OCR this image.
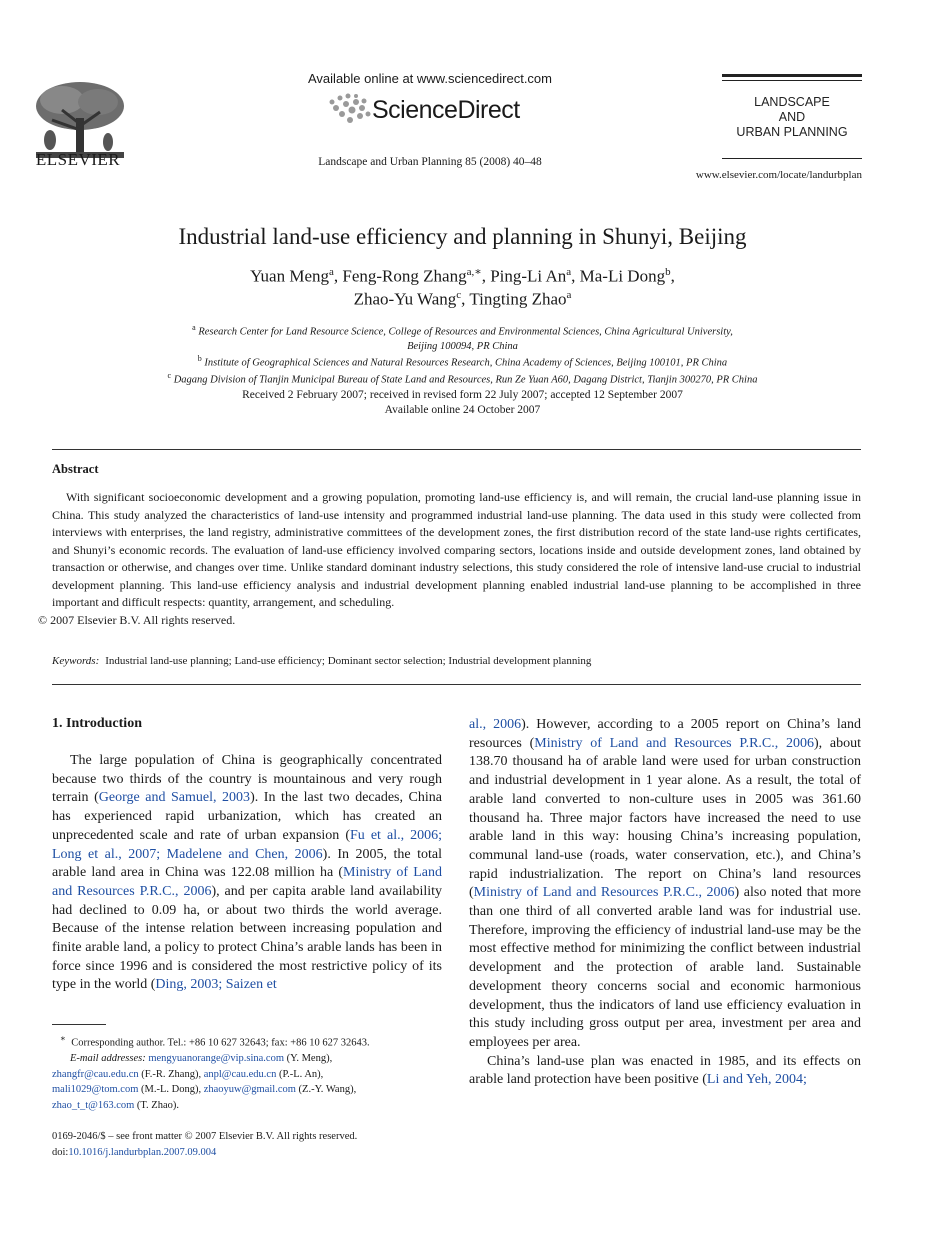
ELSEVIER
Available online at www.sciencedirect.com
ScienceDirect
Landscape and Urban Planning 85 (2008) 40–48
LANDSCAPE
AND
URBAN PLANNING
www.elsevier.com/locate/landurbplan
Industrial land-use efficiency and planning in Shunyi, Beijing
Yuan Meng$^a$, Feng-Rong Zhang$^{a,∗}$, Ping-Li An$^a$, Ma-Li Dong$^b$,
Zhao-Yu Wang$^c$, Tingting Zhao$^a$
$^a$ Research Center for Land Resource Science, College of Resources and Environmental Sciences, China Agricultural University,
Beijing 100094, PR China
$^b$ Institute of Geographical Sciences and Natural Resources Research, China Academy of Sciences, Beijing 100101, PR China
$^c$ Dagang Division of Tianjin Municipal Bureau of State Land and Resources, Run Ze Yuan A60, Dagang District, Tianjin 300270, PR China
Received 2 February 2007; received in revised form 22 July 2007; accepted 12 September 2007
Available online 24 October 2007
Abstract
With significant socioeconomic development and a growing population, promoting land-use efficiency is, and will remain, the crucial land-use planning issue in China. This study analyzed the characteristics of land-use intensity and programmed industrial land-use planning. The data used in this study were collected from interviews with enterprises, the land registry, administrative committees of the development zones, the first distribution record of the state land-use rights certificates, and Shunyi’s economic records. The evaluation of land-use efficiency involved comparing sectors, locations inside and outside development zones, land obtained by transaction or otherwise, and changes over time. Unlike standard dominant industry selections, this study considered the role of intensive land-use crucial to industrial development planning. This land-use efficiency analysis and industrial development planning enabled industrial land-use planning to be accomplished in three important and difficult respects: quantity, arrangement, and scheduling.
© 2007 Elsevier B.V. All rights reserved.
Keywords: Industrial land-use planning; Land-use efficiency; Dominant sector selection; Industrial development planning
1. Introduction
The large population of China is geographically concentrated because two thirds of the country is mountainous and very rough terrain (George and Samuel, 2003). In the last two decades, China has experienced rapid urbanization, which has created an unprecedented scale and rate of urban expansion (Fu et al., 2006; Long et al., 2007; Madelene and Chen, 2006). In 2005, the total arable land area in China was 122.08 million ha (Ministry of Land and Resources P.R.C., 2006), and per capita arable land availability had declined to 0.09 ha, or about two thirds the world average. Because of the intense relation between increasing population and finite arable land, a policy to protect China’s arable lands has been in force since 1996 and is considered the most restrictive policy of its type in the world (Ding, 2003; Saizen et
al., 2006). However, according to a 2005 report on China’s land resources (Ministry of Land and Resources P.R.C., 2006), about 138.70 thousand ha of arable land were used for urban construction and industrial development in 1 year alone. As a result, the total of arable land converted to non-culture uses in 2005 was 361.60 thousand ha. Three major factors have increased the need to use arable land in this way: housing China’s increasing population, communal land-use (roads, water conservation, etc.), and China’s rapid industrialization. The report on China’s land resources (Ministry of Land and Resources P.R.C., 2006) also noted that more than one third of all converted arable land was for industrial use. Therefore, improving the efficiency of industrial land-use may be the most effective method for minimizing the conflict between industrial development and the protection of arable land. Sustainable development theory concerns social and economic harmonious development, thus the indicators of land use efficiency evaluation in this study including gross output per area, investment per area and employees per area.
China’s land-use plan was enacted in 1985, and its effects on arable land protection have been positive (Li and Yeh, 2004;
∗ Corresponding author. Tel.: +86 10 627 32643; fax: +86 10 627 32643.
E-mail addresses: mengyuanorange@vip.sina.com (Y. Meng),
zhangfr@cau.edu.cn (F.-R. Zhang), anpl@cau.edu.cn (P.-L. An),
mali1029@tom.com (M.-L. Dong), zhaoyuw@gmail.com (Z.-Y. Wang),
zhao_t_t@163.com (T. Zhao).
0169-2046/$ – see front matter © 2007 Elsevier B.V. All rights reserved.
doi:10.1016/j.landurbplan.2007.09.004
